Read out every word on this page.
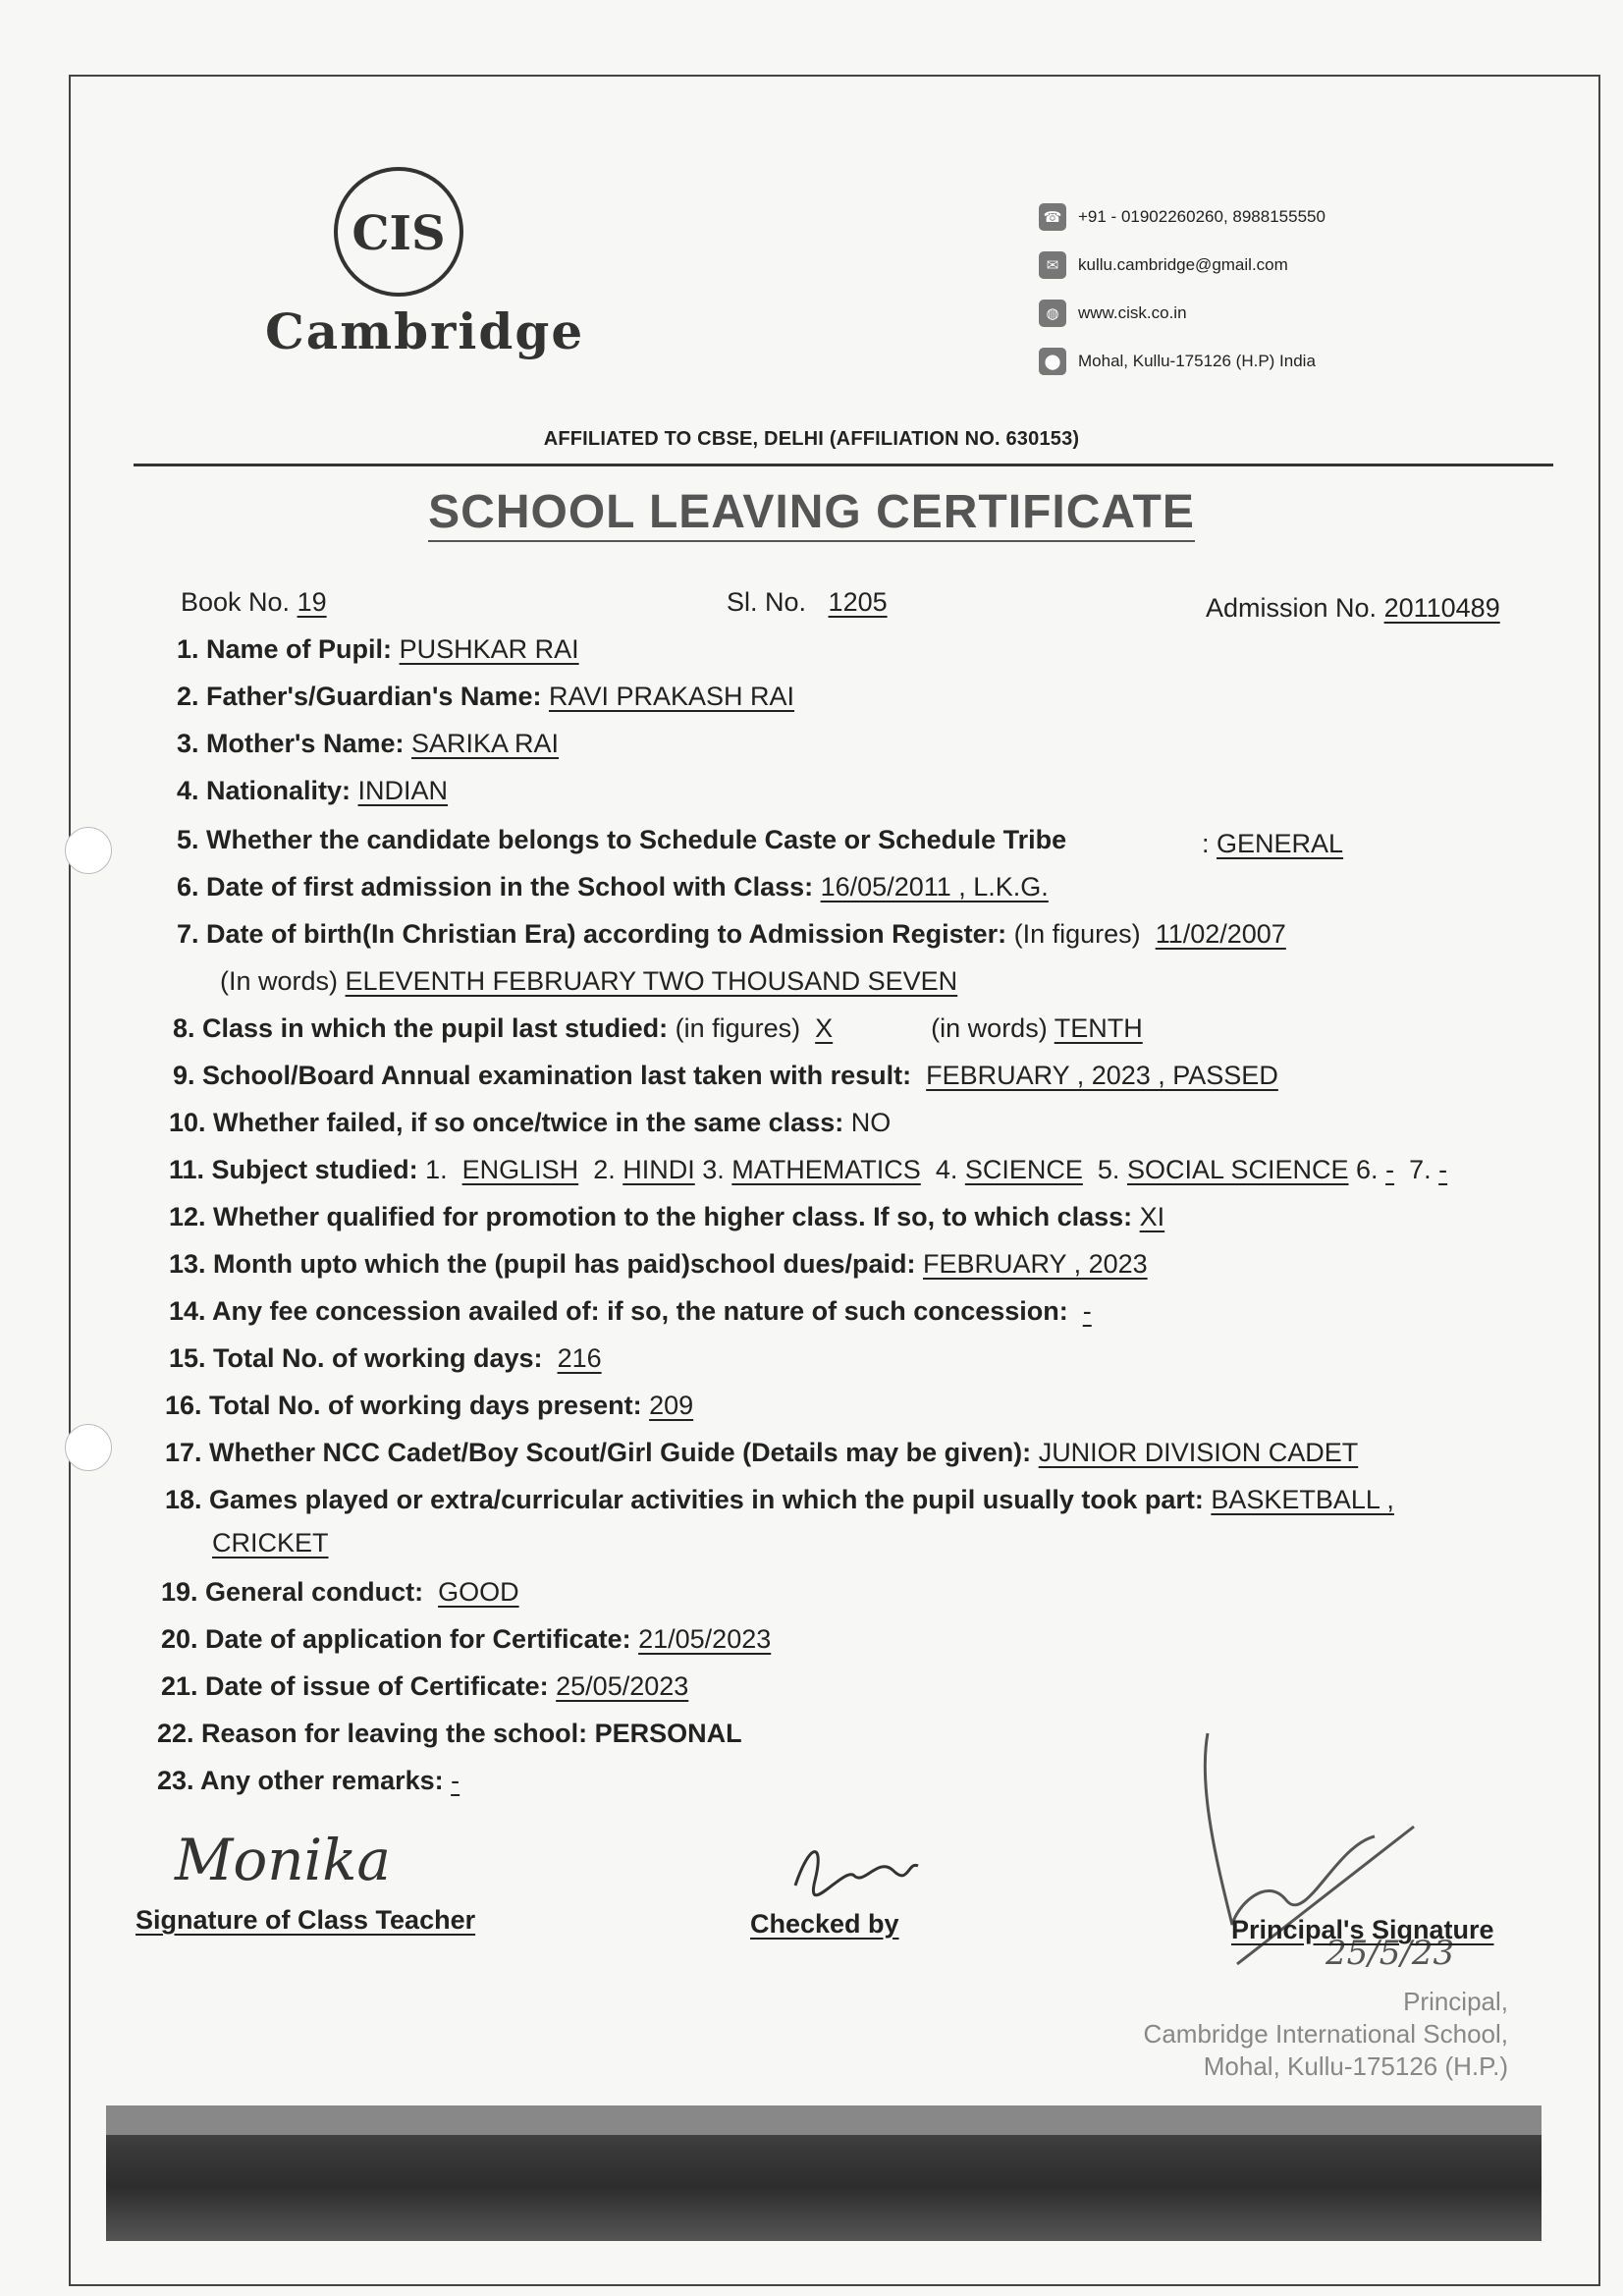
CIS
Cambridge
☎ +91 - 01902260260, 8988155550
✉	kullu.cambridge@gmail.com
◍	www.cisk.co.in
⬤	Mohal, Kullu-175126 (H.P) India
AFFILIATED TO CBSE, DELHI (AFFILIATION NO. 630153)
SCHOOL LEAVING CERTIFICATE
Book No. 19	Sl. No. 1205	Admission No. 20110489
1. Name of Pupil: PUSHKAR RAI
2. Father's/Guardian's Name: RAVI PRAKASH RAI
3. Mother's Name: SARIKA RAI
4. Nationality: INDIAN
5. Whether the candidate belongs to Schedule Caste or Schedule Tribe	: GENERAL
6. Date of first admission in the School with Class: 16/05/2011 , L.K.G.
7. Date of birth(In Christian Era) according to Admission Register: (In figures) 11/02/2007
(In words) ELEVENTH FEBRUARY TWO THOUSAND SEVEN
8. Class in which the pupil last studied: (in figures) X	(in words) TENTH
9. School/Board Annual examination last taken with result: FEBRUARY , 2023 , PASSED
10. Whether failed, if so once/twice in the same class: NO
11. Subject studied: 1. ENGLISH 2. HINDI 3. MATHEMATICS 4. SCIENCE 5. SOCIAL SCIENCE 6. - 7. -
12. Whether qualified for promotion to the higher class. If so, to which class: XI
13. Month upto which the (pupil has paid)school dues/paid: FEBRUARY , 2023
14. Any fee concession availed of: if so, the nature of such concession: -
15. Total No. of working days: 216
16. Total No. of working days present: 209
17. Whether NCC Cadet/Boy Scout/Girl Guide (Details may be given): JUNIOR DIVISION CADET
18. Games played or extra/curricular activities in which the pupil usually took part: BASKETBALL ,
CRICKET
19. General conduct: GOOD
20. Date of application for Certificate: 21/05/2023
21. Date of issue of Certificate: 25/05/2023
22. Reason for leaving the school: PERSONAL
23. Any other remarks: -
Monika
Signature of Class Teacher	Checked by
25/5/23
Principal's Signature
Principal,
Cambridge International School,
Mohal, Kullu-175126 (H.P.)
